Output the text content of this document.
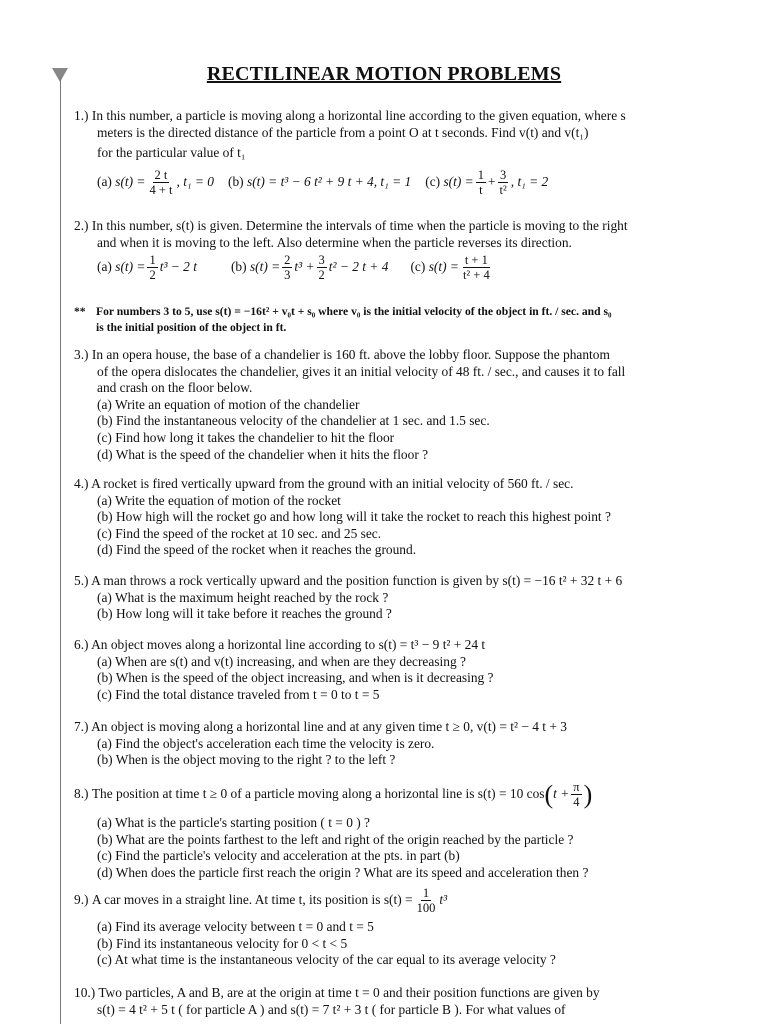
RECTILINEAR MOTION PROBLEMS
1.) In this number, a particle is moving along a horizontal line according to the given equation, where s
meters is the directed distance of the particle from a point O at t seconds. Find v(t) and v(t₁)
for the particular value of t₁
(a)
$s(t) = \frac{2 t}{4 + t}$ , t₁ = 0 (b)
s(t) = t³ − 6 t² + 9 t + 4, t₁ = 1 (c)
$s(t) = \frac{1}{t} + \frac{3}{\text{t²}}$ , t₁ = 2
2.) In this number, s(t) is given. Determine the intervals of time when the particle is moving to the right
and when it is moving to the left. Also determine when the particle reverses its direction.
(a)
$s(t) = \frac{1}{2} t^3 - 2$ t	(b)
$s(t) = \frac{2}{3} t^3 + \frac{3}{2} t^2 - 2$ t + 4 (c)
$s(t) = \frac{t + 1}{\text{t² + 4}}$
** For numbers 3 to 5, use s(t) = −16t² + v₀t + s₀ where v₀ is the initial velocity of the object in ft. / sec. and s₀
is the initial position of the object in ft.
3.) In an opera house, the base of a chandelier is 160 ft. above the lobby floor. Suppose the phantom
of the opera dislocates the chandelier, gives it an initial velocity of 48 ft. / sec., and causes it to fall
and crash on the floor below.
(a) Write an equation of motion of the chandelier
(b) Find the instantaneous velocity of the chandelier at 1 sec. and 1.5 sec.
(c) Find how long it takes the chandelier to hit the floor
(d) What is the speed of the chandelier when it hits the floor ?
4.) A rocket is fired vertically upward from the ground with an initial velocity of 560 ft. / sec.
(a) Write the equation of motion of the rocket
(b) How high will the rocket go and how long will it take the rocket to reach this highest point ?
(c) Find the speed of the rocket at 10 sec. and 25 sec.
(d) Find the speed of the rocket when it reaches the ground.
5.) A man throws a rock vertically upward and the position function is given by s(t) = −16 t² + 32 t + 6
(a) What is the maximum height reached by the rock ?
(b) How long will it take before it reaches the ground ?
6.) An object moves along a horizontal line according to s(t) = t³ − 9 t² + 24 t
(a) When are s(t) and v(t) increasing, and when are they decreasing ?
(b) When is the speed of the object increasing, and when is it decreasing ?
(c) Find the total distance traveled from t = 0 to t = 5
7.) An object is moving along a horizontal line and at any given time t ≥ 0, v(t) = t² − 4 t + 3
(a) Find the object's acceleration each time the velocity is zero.
(b) When is the object moving to the right ? to the left ?
8.)
The position at time t ≥ 0 of a particle moving along a horizontal line is s(t) = 10 cos ( $t + \frac{\pi}{4}$ )
(a) What is the particle's starting position ( t = 0 ) ?
(b) What are the points farthest to the left and right of the origin reached by the particle ?
(c) Find the particle's velocity and acceleration at the pts. in part (b)
(d) When does the particle first reach the origin ? What are its speed and acceleration then ?
9.)
A car moves in a straight line. At time t, its position is $s(t) = \frac{1}{100} t^3$
(a) Find its average velocity between t = 0 and t = 5
(b) Find its instantaneous velocity for 0 < t < 5
(c) At what time is the instantaneous velocity of the car equal to its average velocity ?
10.) Two particles, A and B, are at the origin at time t = 0 and their position functions are given by
s(t) = 4 t² + 5 t ( for particle A ) and s(t) = 7 t² + 3 t ( for particle B ). For what values of
